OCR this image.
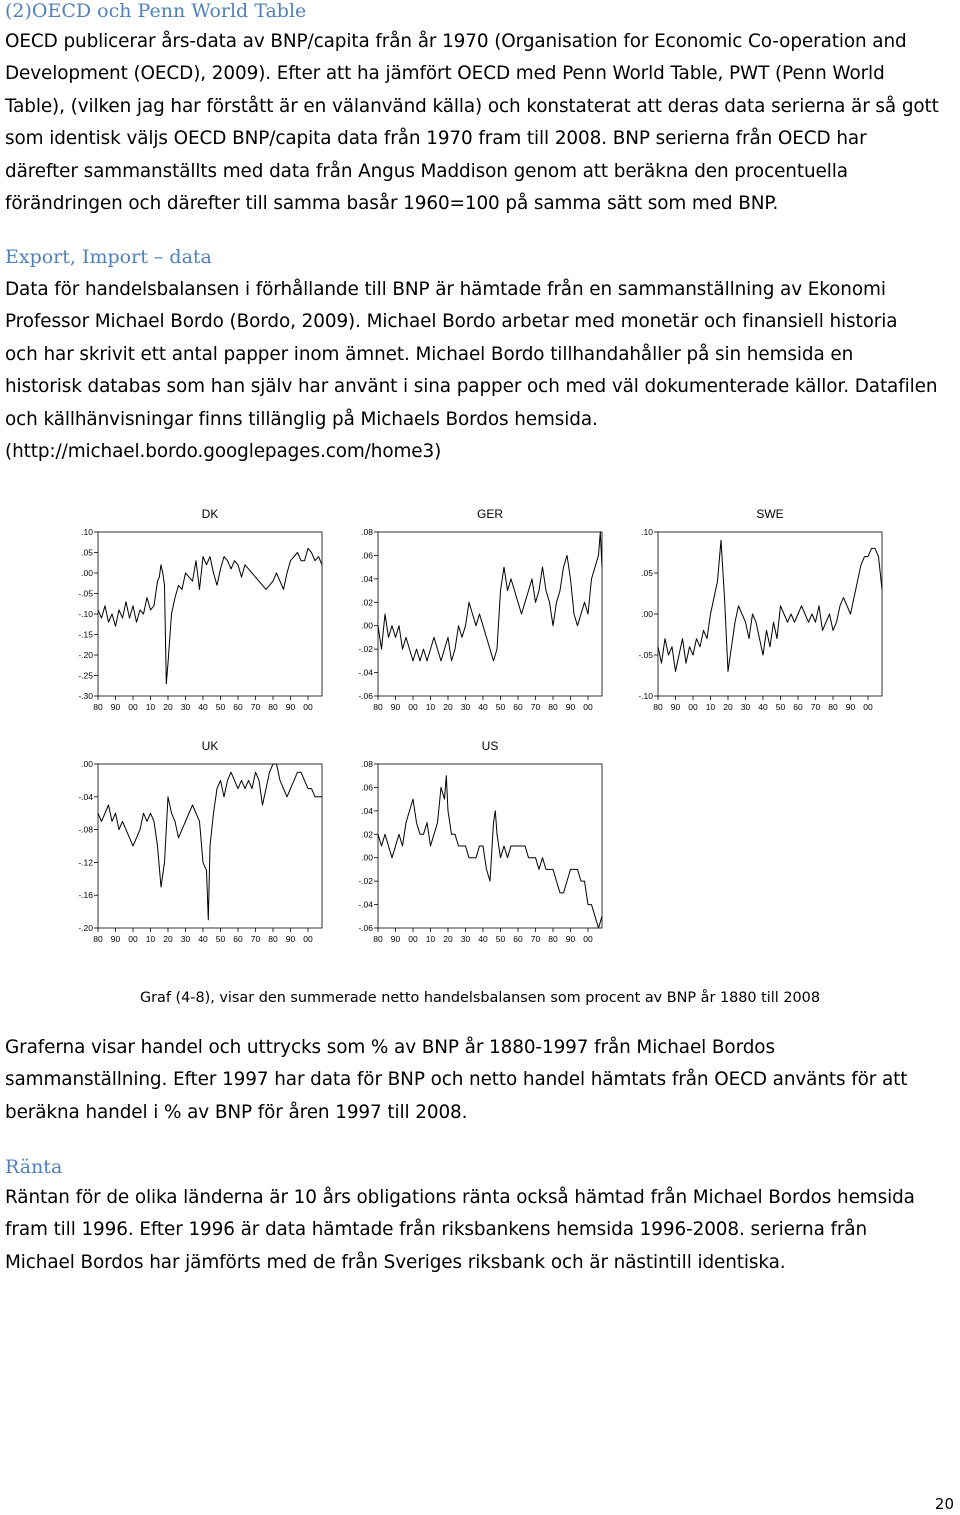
(2)OECD och Penn World Table
OECD publicerar års-data av BNP/capita från år 1970 (Organisation for Economic Co-operation and
Development (OECD), 2009). Efter att ha jämfört OECD med Penn World Table, PWT (Penn World
Table), (vilken jag har förstått är en välanvänd källa) och konstaterat att deras data serierna är så gott
som identisk väljs OECD BNP/capita data från 1970 fram till 2008. BNP serierna från OECD har
därefter sammanställts med data från Angus Maddison genom att beräkna den procentuella
förändringen och därefter till samma basår 1960=100 på samma sätt som med BNP.
Export, Import – data
Data för handelsbalansen i förhållande till BNP är hämtade från en sammanställning av Ekonomi
Professor Michael Bordo (Bordo, 2009). Michael Bordo arbetar med monetär och finansiell historia
och har skrivit ett antal papper inom ämnet. Michael Bordo tillhandahåller på sin hemsida en
historisk databas som han själv har använt i sina papper och med väl dokumenterade källor. Datafilen
och källhänvisningar finns tillänglig på Michaels Bordos hemsida.
(http://michael.bordo.googlepages.com/home3)
DK
.10
.05
.00
-.05
-.10
-.15
-.20
-.25
-.30
80 90 00 10 20 30 40 50 60 70 80 90 00
GER
.08
.06
.04
.02
.00
-.02
-.04
-.06
80 90 00 10 20 30 40 50 60 70 80 90 00
SWE
.10
.05
.00
-.05
-.10
80 90 00 10 20 30 40 50 60 70 80 90 00
UK
.00
-.04
-.08
-.12
-.16
-.20
80 90 00 10 20 30 40 50 60 70 80 90 00
US
.08
.06
.04
.02
.00
-.02
-.04
-.06
80 90 00 10 20 30 40 50 60 70 80 90 00
Graf (4-8), visar den summerade netto handelsbalansen som procent av BNP år 1880 till 2008
Graferna visar handel och uttrycks som % av BNP år 1880-1997 från Michael Bordos
sammanställning. Efter 1997 har data för BNP och netto handel hämtats från OECD använts för att
beräkna handel i % av BNP för åren 1997 till 2008.
Ränta
Räntan för de olika länderna är 10 års obligations ränta också hämtad från Michael Bordos hemsida
fram till 1996. Efter 1996 är data hämtade från riksbankens hemsida 1996-2008. serierna från
Michael Bordos har jämförts med de från Sveriges riksbank och är nästintill identiska.
20
